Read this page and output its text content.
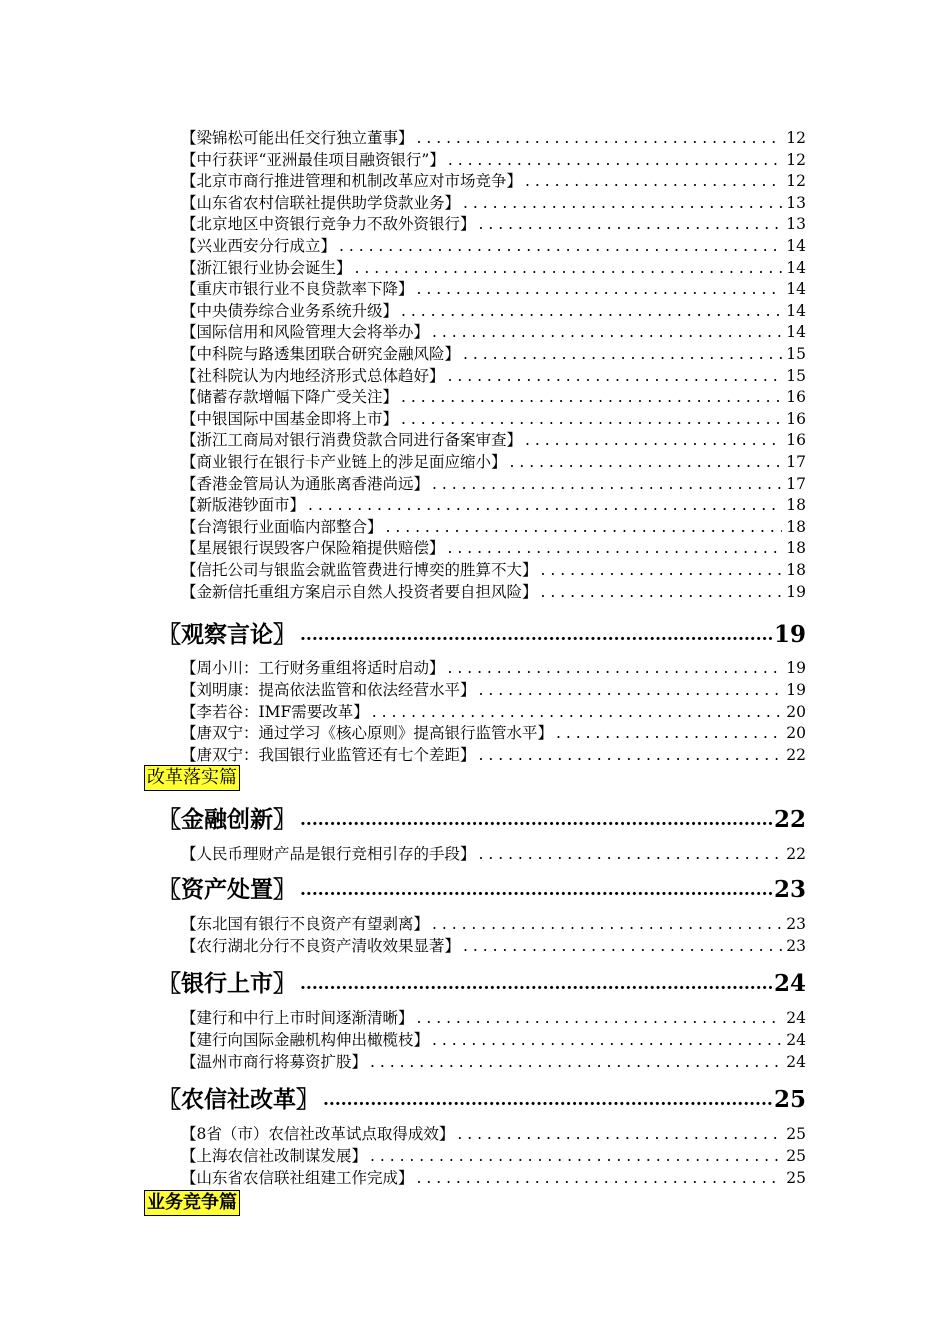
【梁锦松可能出任交行独立董事】 . . .	12
【中行获评“亚洲最佳项目融资银行”】 . . .	12
【北京市商行推进管理和机制改革应对市场竞争】 . . .	12
【山东省农村信联社提供助学贷款业务】 . . .	13
【北京地区中资银行竞争力不敌外资银行】 . . .	13
【兴业西安分行成立】 . . .	14
【浙江银行业协会诞生】 . . .	14
【重庆市银行业不良贷款率下降】 . . .	14
【中央债券综合业务系统升级】 . . .	14
【国际信用和风险管理大会将举办】 . . .	14
【中科院与路透集团联合研究金融风险】 . . .	15
【社科院认为内地经济形式总体趋好】 . . .	15
【储蓄存款增幅下降广受关注】 . . .	16
【中银国际中国基金即将上市】 . . .	16
【浙江工商局对银行消费贷款合同进行备案审查】 . . .	16
【商业银行在银行卡产业链上的涉足面应缩小】 . . .	17
【香港金管局认为通胀离香港尚远】 . . .	17
【新版港钞面市】 . . .	18
【台湾银行业面临内部整合】 . . .	18
【星展银行误毁客户保险箱提供赔偿】 . . .	18
【信托公司与银监会就监管费进行博奕的胜算不大】 . . .	18
【金新信托重组方案启示自然人投资者要自担风险】 . . .	19
〖观察言论〗 .....	19
【周小川：工行财务重组将适时启动】 . . .	19
【刘明康：提高依法监管和依法经营水平】 . . .	19
【李若谷：IMF需要改革】 . . .	20
【唐双宁：通过学习《核心原则》提高银行监管水平】 . . .	20
【唐双宁：我国银行业监管还有七个差距】 . . .	22
改革落实篇
〖金融创新〗 .....	22
【人民币理财产品是银行竞相引存的手段】 . . .	22
〖资产处置〗 .....	23
【东北国有银行不良资产有望剥离】 . . .	23
【农行湖北分行不良资产清收效果显著】 . . .	23
〖银行上市〗 .....	24
【建行和中行上市时间逐渐清晰】 . . .	24
【建行向国际金融机构伸出橄榄枝】 . . .	24
【温州市商行将募资扩股】 . . .	24
〖农信社改革〗 .....	25
【8省（市）农信社改革试点取得成效】 . . .	25
【上海农信社改制谋发展】 . . .	25
【山东省农信联社组建工作完成】 . . .	25
业务竞争篇
